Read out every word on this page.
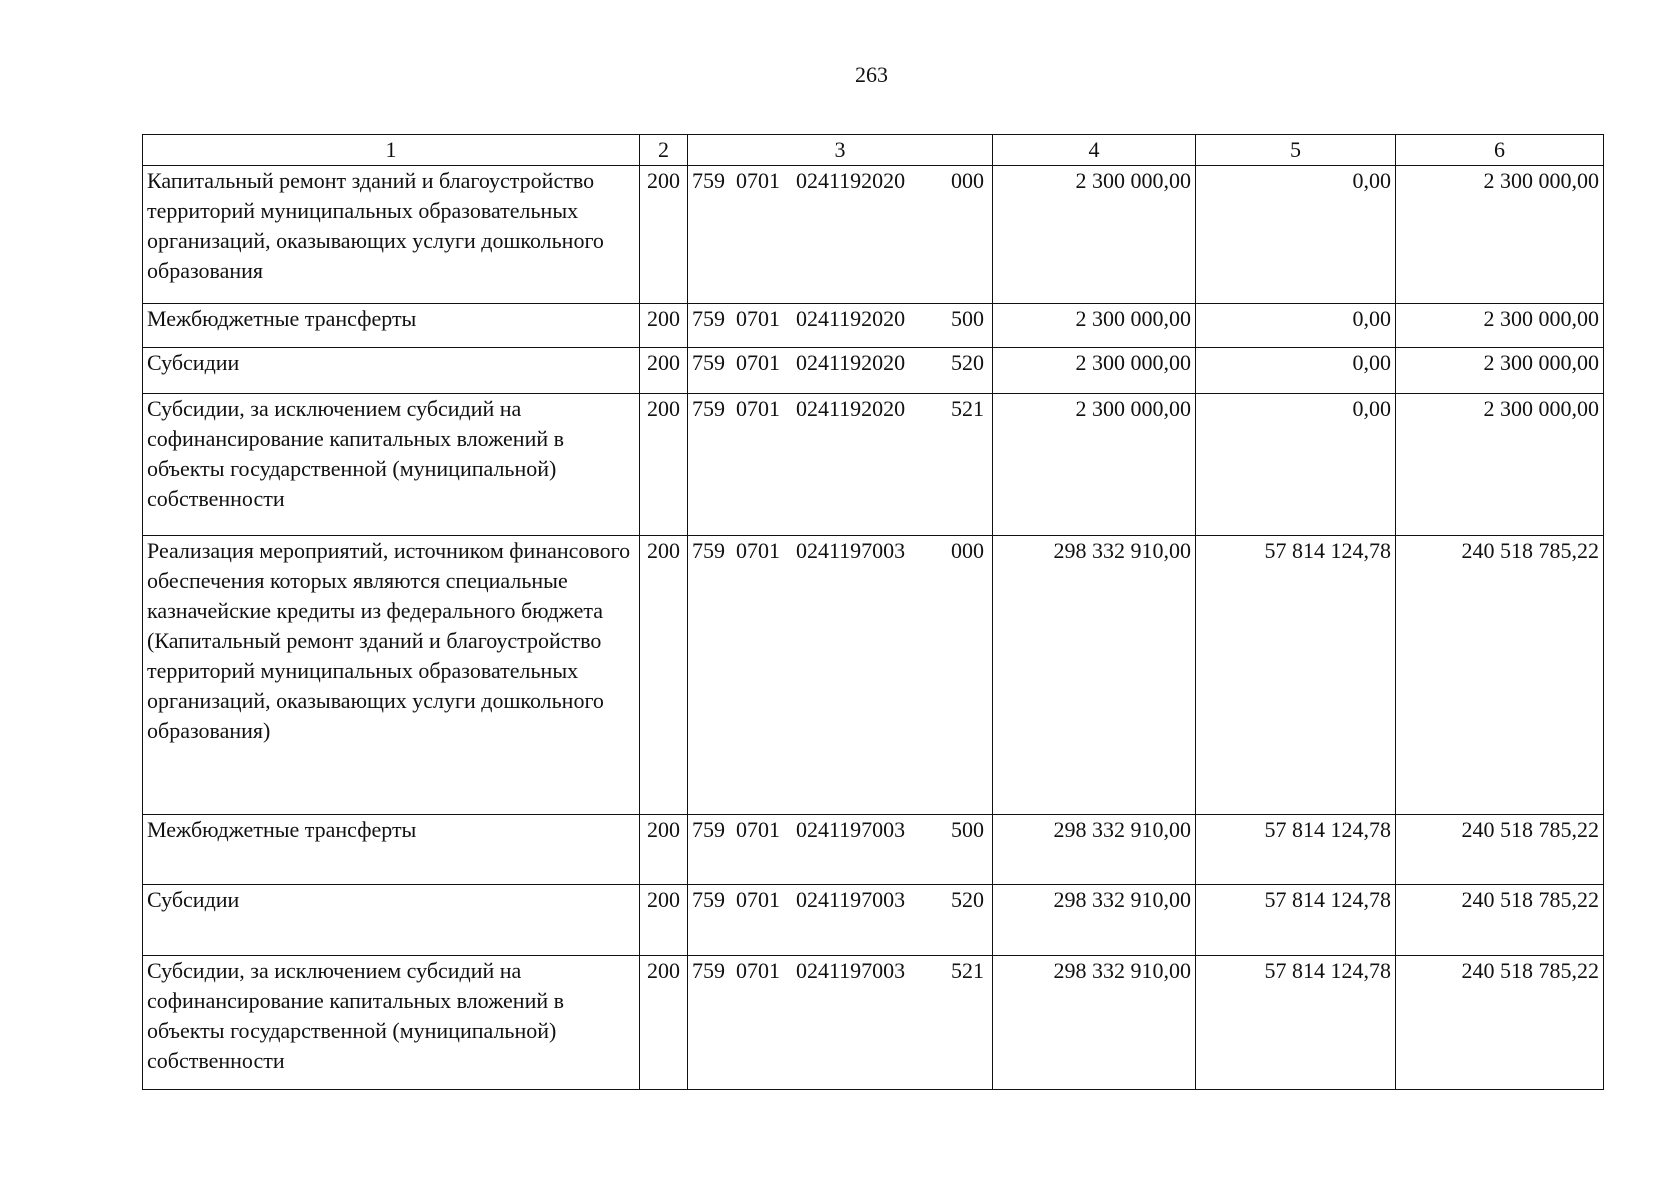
263
1	2	3	4	5	6
Капитальный ремонт зданий и благоустройство территорий муниципальных образовательных организаций, оказывающих услуги дошкольного образования	200	759 0701 0241192020 000	2 300 000,00	0,00	2 300 000,00
Межбюджетные трансферты	200	759 0701 0241192020 500	2 300 000,00	0,00	2 300 000,00
Субсидии	200	759 0701 0241192020 520	2 300 000,00	0,00	2 300 000,00
Субсидии, за исключением субсидий на софинансирование капитальных вложений в объекты государственной (муниципальной) собственности	200	759 0701 0241192020 521	2 300 000,00	0,00	2 300 000,00
Реализация мероприятий, источником финансового обеспечения которых являются специальные казначейские кредиты из федерального бюджета (Капитальный ремонт зданий и благоустройство территорий муниципальных образовательных организаций, оказывающих услуги дошкольного образования)	200	759 0701 0241197003 000	298 332 910,00	57 814 124,78	240 518 785,22
Межбюджетные трансферты	200	759 0701 0241197003 500	298 332 910,00	57 814 124,78	240 518 785,22
Субсидии	200	759 0701 0241197003 520	298 332 910,00	57 814 124,78	240 518 785,22
Субсидии, за исключением субсидий на софинансирование капитальных вложений в объекты государственной (муниципальной) собственности	200	759 0701 0241197003 521	298 332 910,00	57 814 124,78	240 518 785,22
